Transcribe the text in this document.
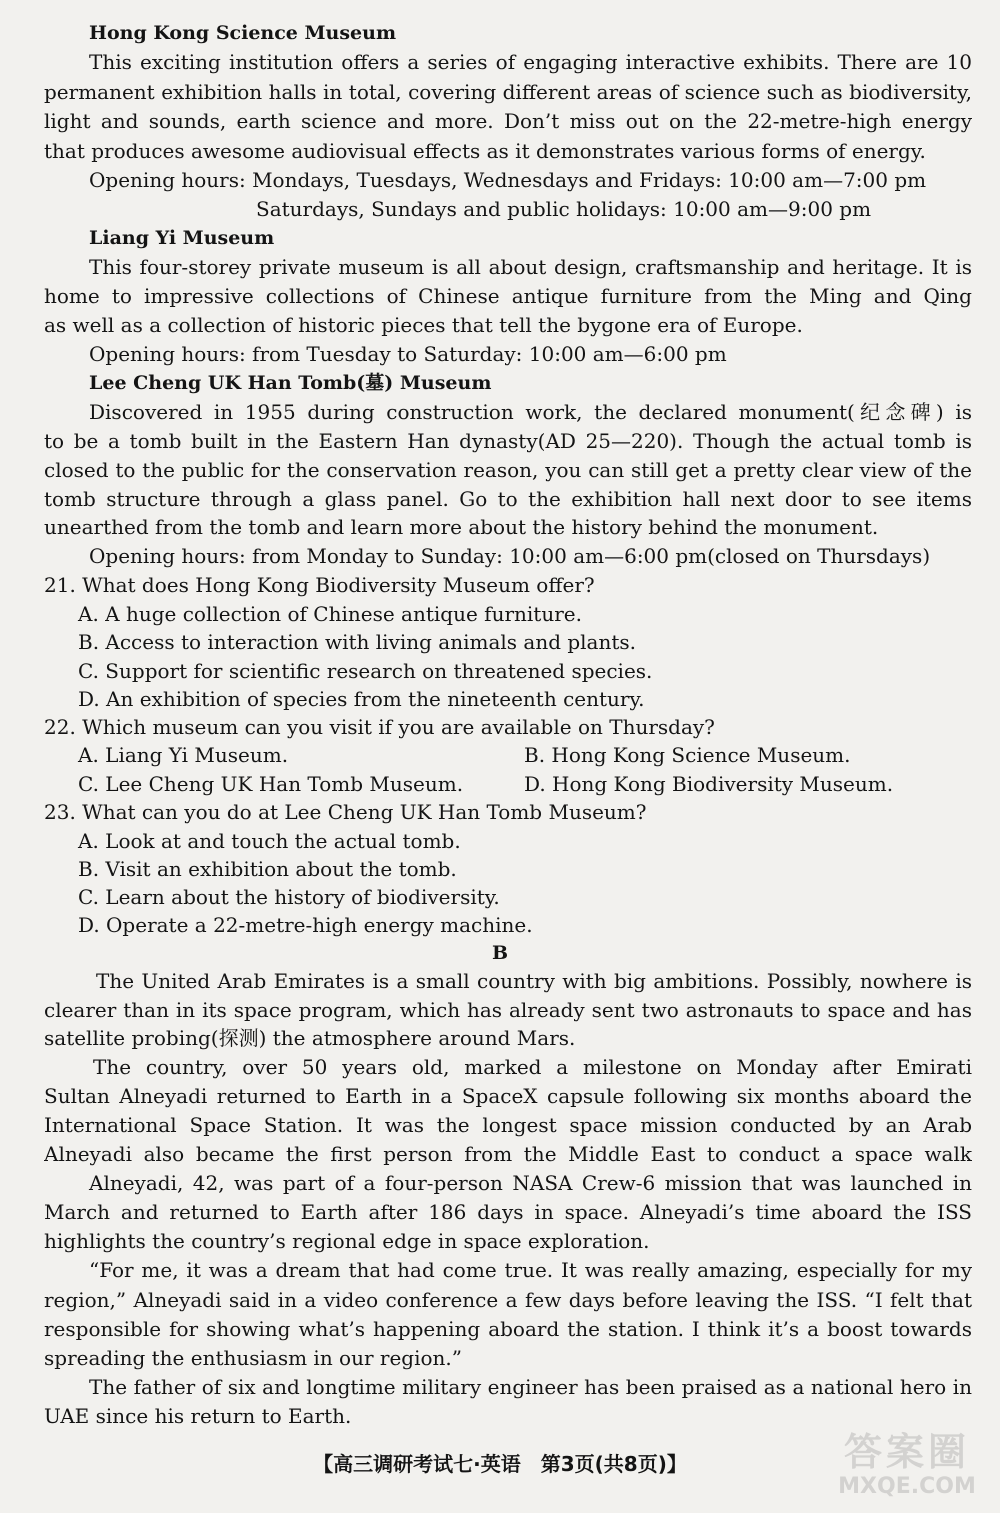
Hong Kong Science Museum
This exciting institution offers a series of engaging interactive exhibits. There are 10
permanent exhibition halls in total, covering different areas of science such as biodiversity,
light and sounds, earth science and more. Don’t miss out on the 22-metre-high energy
that produces awesome audiovisual effects as it demonstrates various forms of energy.
Opening hours: Mondays, Tuesdays, Wednesdays and Fridays: 10:00 am—7:00 pm
Saturdays, Sundays and public holidays: 10:00 am—9:00 pm
Liang Yi Museum
This four-storey private museum is all about design, craftsmanship and heritage. It is
home to impressive collections of Chinese antique furniture from the Ming and Qing
as well as a collection of historic pieces that tell the bygone era of Europe.
Opening hours: from Tuesday to Saturday: 10:00 am—6:00 pm
Lee Cheng UK Han Tomb(墓) Museum
Discovered in 1955 during construction work, the declared monument(纪念碑) is
to be a tomb built in the Eastern Han dynasty(AD 25—220). Though the actual tomb is
closed to the public for the conservation reason, you can still get a pretty clear view of the
tomb structure through a glass panel. Go to the exhibition hall next door to see items
unearthed from the tomb and learn more about the history behind the monument.
Opening hours: from Monday to Sunday: 10:00 am—6:00 pm(closed on Thursdays)
21. What does Hong Kong Biodiversity Museum offer?
A. A huge collection of Chinese antique furniture.
B. Access to interaction with living animals and plants.
C. Support for scientific research on threatened species.
D. An exhibition of species from the nineteenth century.
22. Which museum can you visit if you are available on Thursday?
A. Liang Yi Museum.	B. Hong Kong Science Museum.
C. Lee Cheng UK Han Tomb Museum.	D. Hong Kong Biodiversity Museum.
23. What can you do at Lee Cheng UK Han Tomb Museum?
A. Look at and touch the actual tomb.
B. Visit an exhibition about the tomb.
C. Learn about the history of biodiversity.
D. Operate a 22-metre-high energy machine.
B
The United Arab Emirates is a small country with big ambitions. Possibly, nowhere is
clearer than in its space program, which has already sent two astronauts to space and has
satellite probing(探测) the atmosphere around Mars.
The country, over 50 years old, marked a milestone on Monday after Emirati
Sultan Alneyadi returned to Earth in a SpaceX capsule following six months aboard the
International Space Station. It was the longest space mission conducted by an Arab
Alneyadi also became the first person from the Middle East to conduct a space walk
Alneyadi, 42, was part of a four-person NASA Crew-6 mission that was launched in
March and returned to Earth after 186 days in space. Alneyadi’s time aboard the ISS
highlights the country’s regional edge in space exploration.
“For me, it was a dream that had come true. It was really amazing, especially for my
region,” Alneyadi said in a video conference a few days before leaving the ISS. “I felt that
responsible for showing what’s happening aboard the station. I think it’s a boost towards
spreading the enthusiasm in our region.”
The father of six and longtime military engineer has been praised as a national hero in
UAE since his return to Earth.
【高三调研考试七·英语　第3页(共8页)】	答案圈
MXQE.COM
